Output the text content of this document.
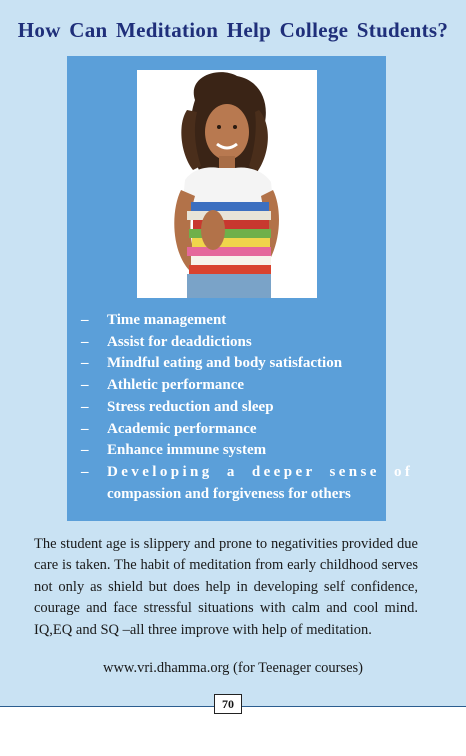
How Can Meditation Help College Students?
– Time management
– Assist for deaddictions
– Mindful eating and body satisfaction
– Athletic performance
– Stress reduction and sleep
– Academic performance
– Enhance immune system
– Developing a deeper sense of
compassion and forgiveness for others

The student age is slippery and prone to negativities provided due care is taken. The habit of meditation from early childhood serves not only as shield but does help in developing self confidence, courage and face stressful situations with calm and cool mind. IQ,EQ and SQ –all three improve with help of meditation.

www.vri.dhamma.org (for Teenager courses)
70
